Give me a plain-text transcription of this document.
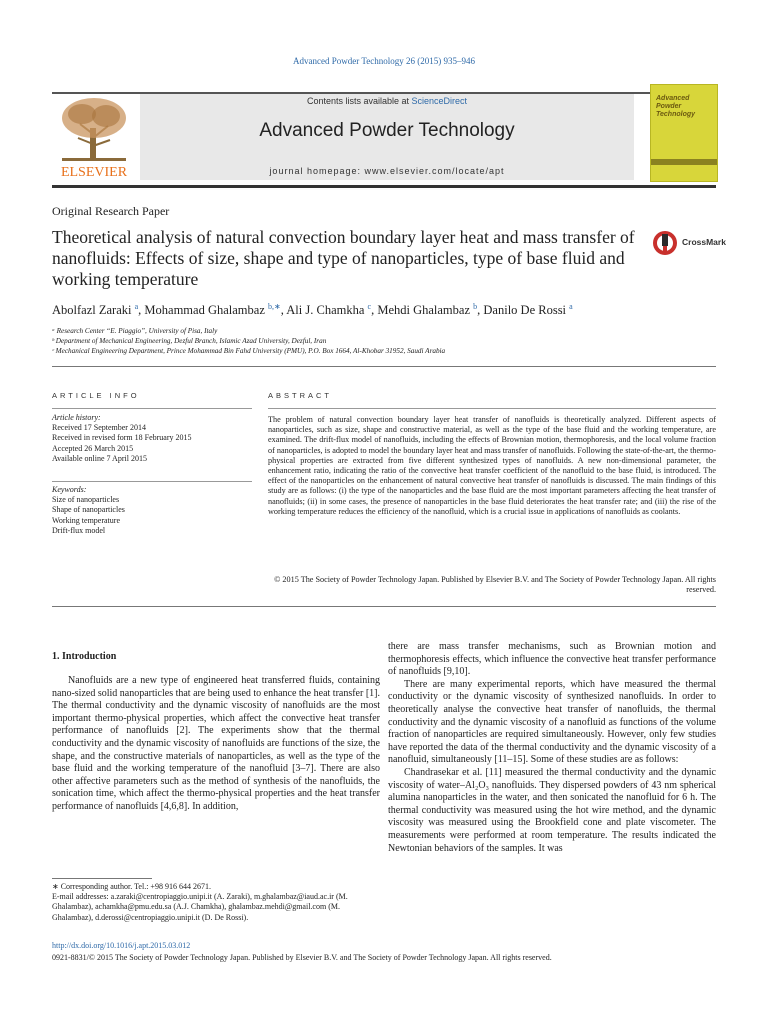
Advanced Powder Technology 26 (2015) 935–946
ELSEVIER
Contents lists available at ScienceDirect
Advanced Powder Technology
journal homepage: www.elsevier.com/locate/apt
Advanced Powder Technology
Original Research Paper
Theoretical analysis of natural convection boundary layer heat and mass transfer of nanofluids: Effects of size, shape and type of nanoparticles, type of base fluid and working temperature
CrossMark
Abolfazl Zaraki $^a$, Mohammad Ghalambaz $^{b,∗}$, Ali J. Chamkha $^c$, Mehdi Ghalambaz $^b$, Danilo De Rossi $^a$
ᵃ Research Center “E. Piaggio”, University of Pisa, Italy
ᵇ Department of Mechanical Engineering, Dezful Branch, Islamic Azad University, Dezful, Iran
ᶜ Mechanical Engineering Department, Prince Mohammad Bin Fahd University (PMU), P.O. Box 1664, Al-Khobar 31952, Saudi Arabia
ARTICLE INFO
Article history:
Received 17 September 2014
Received in revised form 18 February 2015
Accepted 26 March 2015
Available online 7 April 2015
Keywords:
Size of nanoparticles
Shape of nanoparticles
Working temperature
Drift-flux model
ABSTRACT
The problem of natural convection boundary layer heat transfer of nanofluids is theoretically analyzed. Different aspects of nanoparticles, such as size, shape and constructive material, as well as the type of the base fluid and the working temperature, are examined. The drift-flux model of nanofluids, including the effects of Brownian motion, thermophoresis, and the local volume fraction of nanoparticles, is adopted to model the boundary layer heat and mass transfer of nanofluids. Following the state-of-the-art, the thermo-physical properties are extracted from five different synthesized types of nanofluids. A new non-dimensional parameter, the enhancement ratio, indicating the ratio of the convective heat transfer coefficient of the nanofluid to the base fluid, is introduced. The effect of the nanoparticles on the enhancement of natural convective heat transfer of nanofluids is discussed. The main findings of this study are as follows: (i) the type of the nanoparticles and the base fluid are the most important parameters affecting the heat transfer of nanofluids; (ii) in some cases, the presence of nanoparticles in the base fluid deteriorates the heat transfer rate; and (iii) the rise of the working temperature reduces the efficiency of the nanofluid, which is a crucial issue in applications of nanofluids as coolants.
© 2015 The Society of Powder Technology Japan. Published by Elsevier B.V. and The Society of Powder Technology Japan. All rights reserved.
1. Introduction

Nanofluids are a new type of engineered heat transferred fluids, containing nano-sized solid nanoparticles that are being used to enhance the heat transfer [1]. The thermal conductivity and the dynamic viscosity of nanofluids are the most important thermo-physical properties, which affect the convective heat transfer performance of nanofluids [2]. The experiments show that the thermal conductivity and the dynamic viscosity of nanofluids are functions of the size, the shape, and the constructive materials of nanoparticles, as well as the type of the base fluid and the working temperature of the nanofluid [3–7]. There are also other affective parameters such as the method of synthesis of the nanofluids, the sonication time, which affect the thermo-physical properties and the heat transfer performance of nanofluids [4,6,8]. In addition,

there are mass transfer mechanisms, such as Brownian motion and thermophoresis effects, which influence the convective heat transfer performance of nanofluids [9,10].

There are many experimental reports, which have measured the thermal conductivity or the dynamic viscosity of synthesized nanofluids. In order to theoretically analyse the convective heat transfer of nanofluids, the thermal conductivity and the dynamic viscosity of a nanofluid as functions of the volume fraction of nanoparticles are required simultaneously. However, only few studies have reported the data of the thermal conductivity and the dynamic viscosity of a nanofluid, simultaneously [11–15]. Some of these studies are as follows:

Chandrasekar et al. [11] measured the thermal conductivity and the dynamic viscosity of water–Al₂O₃ nanofluids. They dispersed powders of 43 nm spherical alumina nanoparticles in the water, and then sonicated the nanofluid for 6 h. The thermal conductivity was measured using the hot wire method, and the dynamic viscosity was measured using the Brookfield cone and plate viscometer. The measurements were performed at room temperature. The results indicated the Newtonian behaviors of the samples. It was

∗ Corresponding author. Tel.: +98 916 644 2671.

E-mail addresses: a.zaraki@centropiaggio.unipi.it (A. Zaraki), m.ghalambaz@iaud.ac.ir (M. Ghalambaz), achamkha@pmu.edu.sa (A.J. Chamkha), ghalambaz.mehdi@gmail.com (M. Ghalambaz), d.derossi@centropiaggio.unipi.it (D. De Rossi).

http://dx.doi.org/10.1016/j.apt.2015.03.012
0921-8831/© 2015 The Society of Powder Technology Japan. Published by Elsevier B.V. and The Society of Powder Technology Japan. All rights reserved.
